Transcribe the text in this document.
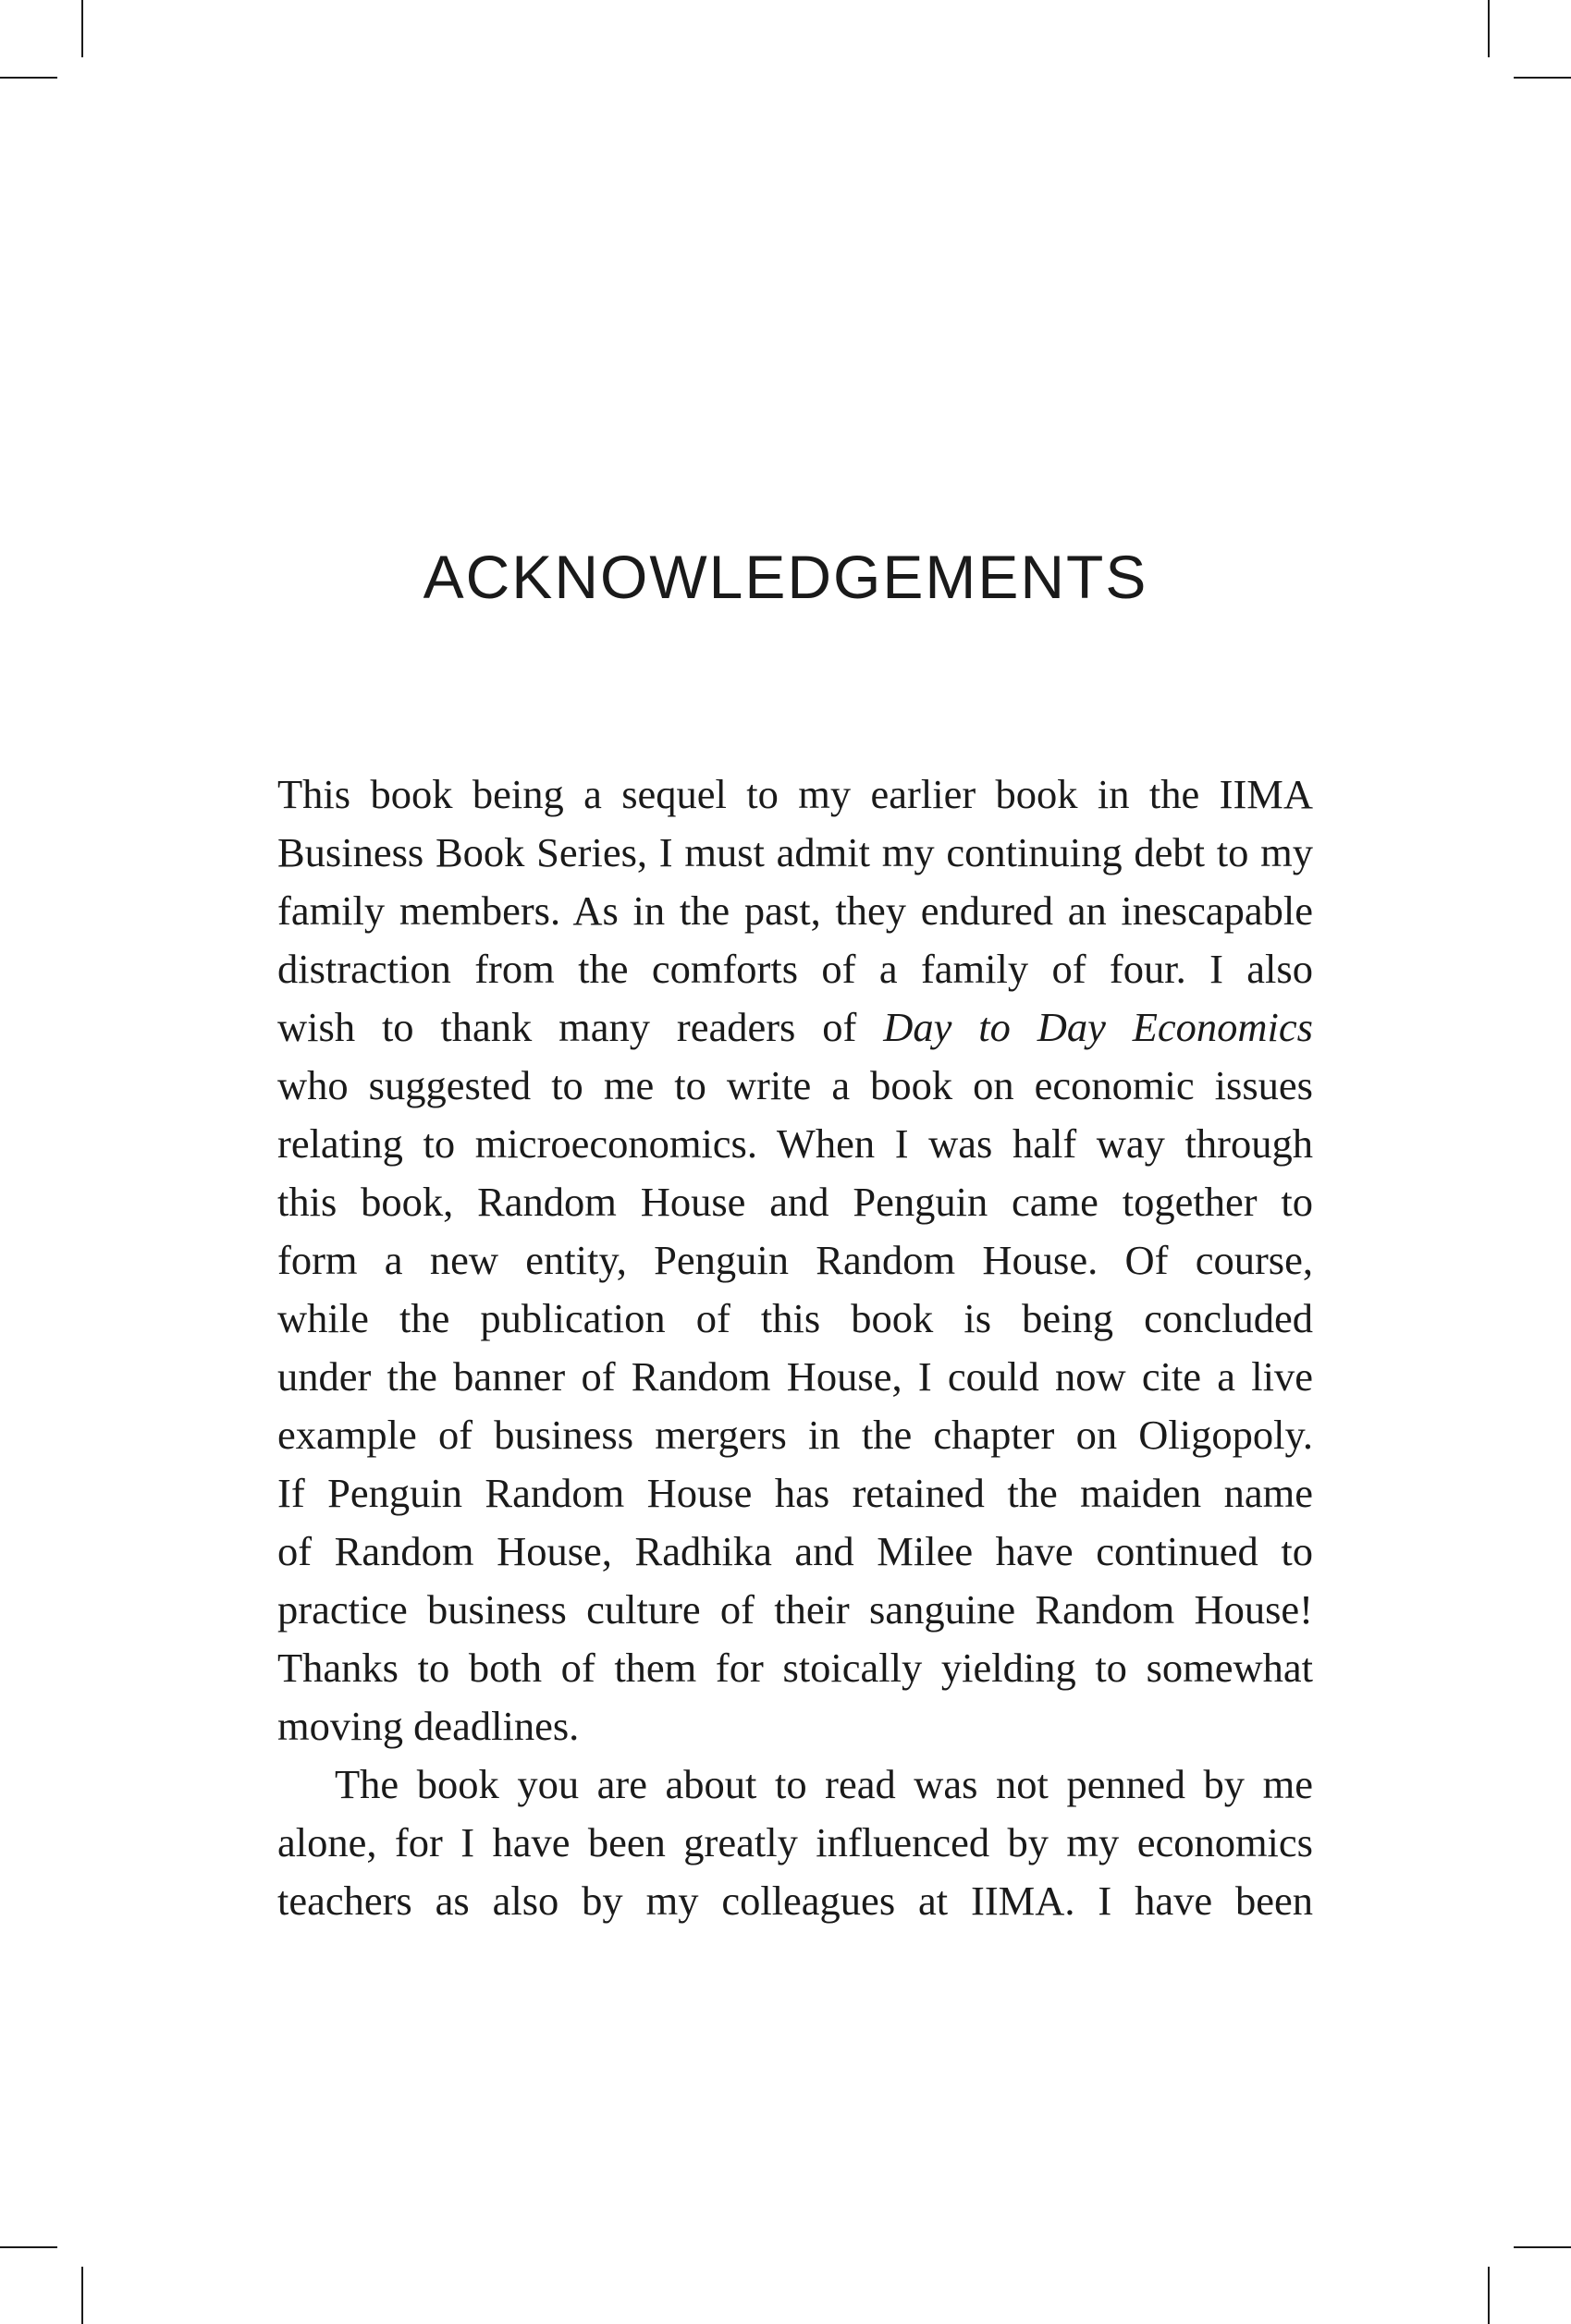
ACKNOWLEDGEMENTS

This book being a sequel to my earlier book in the IIMA
Business Book Series, I must admit my continuing debt to my
family members. As in the past, they endured an inescapable
distraction from the comforts of a family of four. I also
wish to thank many readers of Day to Day Economics
who suggested to me to write a book on economic issues
relating to microeconomics. When I was half way through
this book, Random House and Penguin came together to
form a new entity, Penguin Random House. Of course,
while the publication of this book is being concluded
under the banner of Random House, I could now cite a live
example of business mergers in the chapter on Oligopoly.
If Penguin Random House has retained the maiden name
of Random House, Radhika and Milee have continued to
practice business culture of their sanguine Random House!
Thanks to both of them for stoically yielding to somewhat
moving deadlines.

The book you are about to read was not penned by me
alone, for I have been greatly influenced by my economics
teachers as also by my colleagues at IIMA. I have been
